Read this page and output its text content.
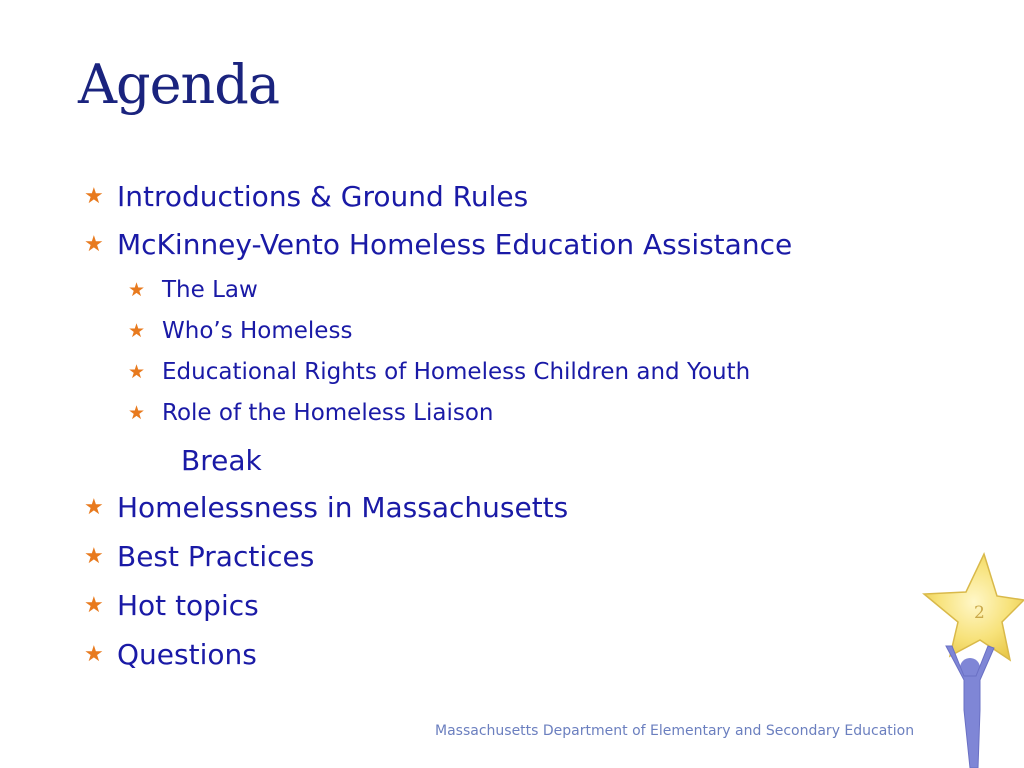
Agenda
★ Introductions & Ground Rules
★ McKinney-Vento Homeless Education Assistance
★ The Law
★ Who’s Homeless
★ Educational Rights of Homeless Children and Youth
★ Role of the Homeless Liaison
Break
★ Homelessness in Massachusetts
★ Best Practices
★ Hot topics
★ Questions
Massachusetts Department of Elementary and Secondary Education
2
